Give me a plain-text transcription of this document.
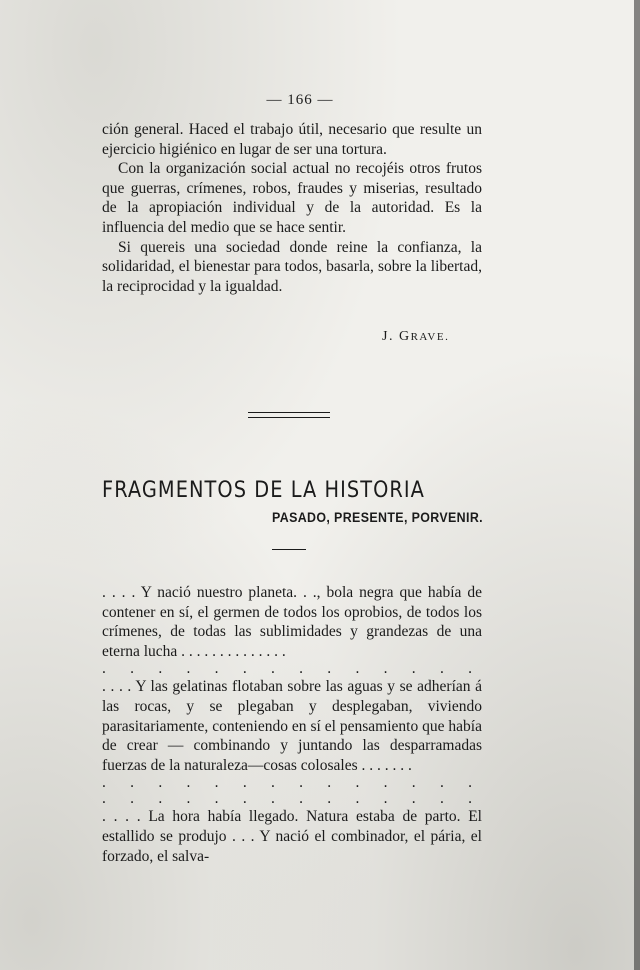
— 166 —

ción general. Haced el trabajo útil, necesario que resulte un ejercicio higiénico en lugar de ser una tortura.

Con la organización social actual no recojéis otros frutos que guerras, crímenes, robos, fraudes y miserias, resultado de la apropiación individual y de la autoridad. Es la influencia del medio que se hace sentir.

Si quereis una sociedad donde reine la confianza, la solidaridad, el bienestar para todos, basarla, sobre la libertad, la reciprocidad y la igualdad.

J. GRAVE.
FRAGMENTOS DE LA HISTORIA
PASADO, PRESENTE, PORVENIR.

. . . . Y nació nuestro planeta. . ., bola negra que había de contener en sí, el germen de todos los oprobios, de todos los crímenes, de todas las sublimidades y grandezas de una eterna lucha . . . . . . . . . . . . . .

. . . . . . . . . . . . . .

. . . . Y las gelatinas flotaban sobre las aguas y se adherían á las rocas, y se plegaban y desplegaban, viviendo parasitariamente, conteniendo en sí el pensamiento que había de crear — combinando y juntando las desparramadas fuerzas de la naturaleza—cosas colosales . . . . . . .

. . . . . . . . . . . . . .
. . . . . . . . . . . . . .

. . . . La hora había llegado. Natura estaba de parto. El estallido se produjo . . . Y nació el combinador, el pária, el forzado, el salva-
